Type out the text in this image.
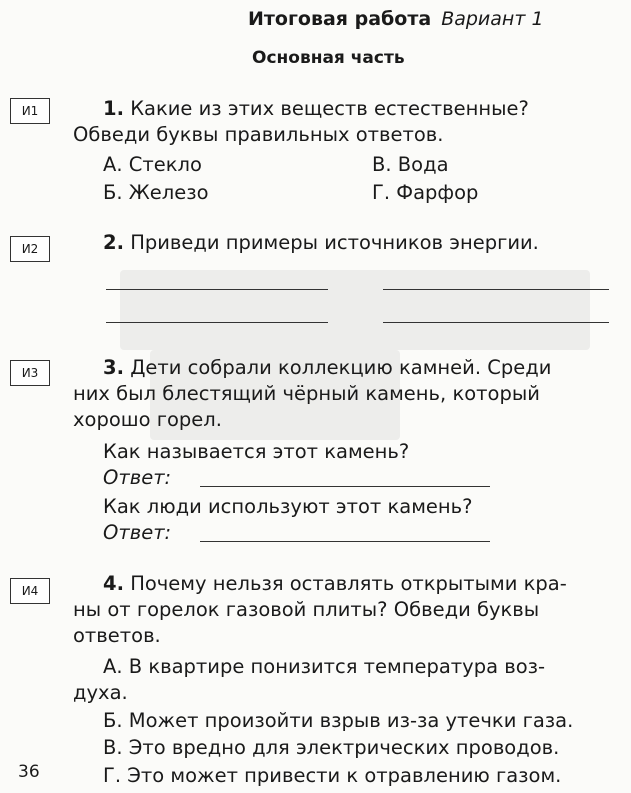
Итоговая работа Вариант 1
Основная часть
И1	1. Какие из этих веществ естественные?
Обведи буквы правильных ответов.
А. Стекло	В. Вода
Б. Железо	Г. Фарфор
И2	2. Приведи примеры источников энергии.
И3	3. Дети собрали коллекцию камней. Среди
них был блестящий чёрный камень, который
хорошо горел.
Как называется этот камень?
Ответ:
Как люди используют этот камень?
Ответ:
И4	4. Почему нельзя оставлять открытыми кра-
ны от горелок газовой плиты? Обведи буквы
ответов.
А. В квартире понизится температура воз-
духа.
Б. Может произойти взрыв из-за утечки газа.
В. Это вредно для электрических проводов.
Г. Это может привести к отравлению газом.
36
